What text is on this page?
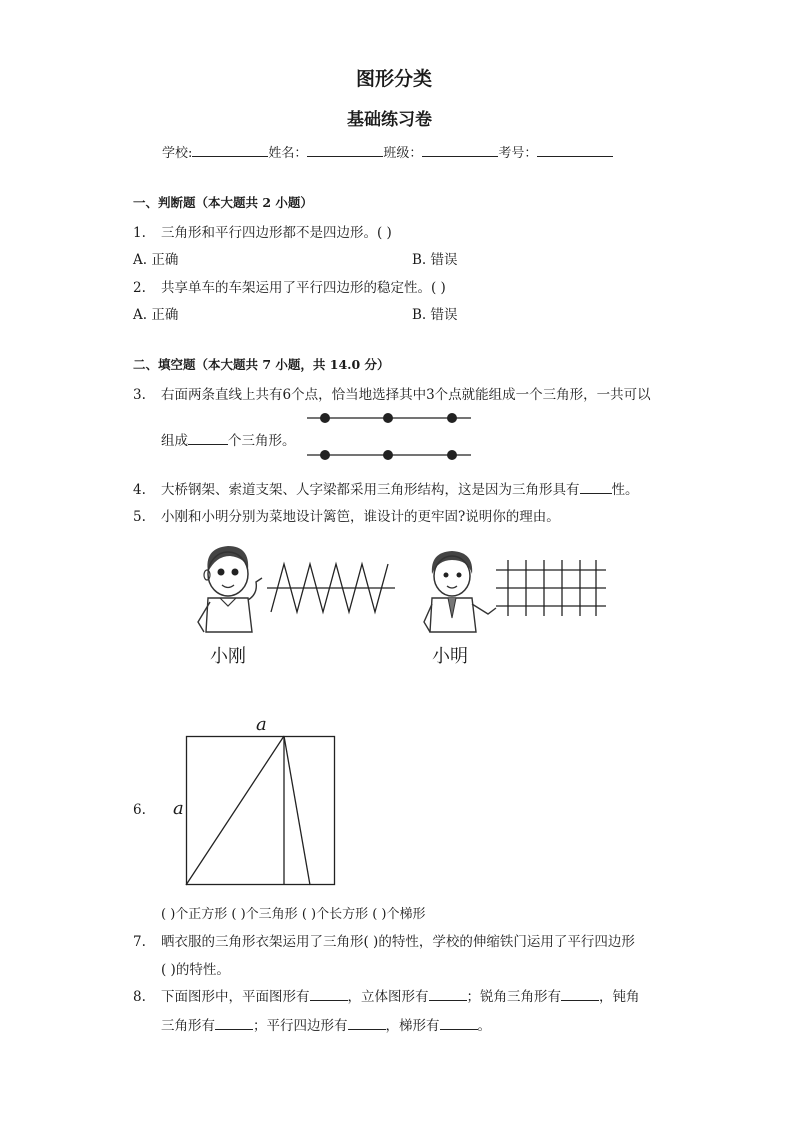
图形分类
基础练习卷
学校:	姓名：	班级：	考号：
一、判断题（本大题共 2 小题）
1. 三角形和平行四边形都不是四边形。( )
A. 正确	B. 错误
2. 共享单车的车架运用了平行四边形的稳定性。( )
A. 正确	B. 错误
二、填空题（本大题共 7 小题，共 14.0 分）
3. 右面两条直线上共有6个点，恰当地选择其中3个点就能组成一个三角形，一共可以
组成	个三角形。
4. 大桥钢架、索道支架、人字梁都采用三角形结构，这是因为三角形具有 性。
5. 小刚和小明分别为菜地设计篱笆，谁设计的更牢固?说明你的理由。
小刚	小明
6.
a
a
( )个正方形 ( )个三角形 ( )个长方形 ( )个梯形
7. 晒衣服的三角形衣架运用了三角形( )的特性，学校的伸缩铁门运用了平行四边形
( )的特性。
8. 下面图形中，平面图形有	，立体图形有	；锐角三角形有	，钝角
三角形有	；平行四边形有	，梯形有	。
